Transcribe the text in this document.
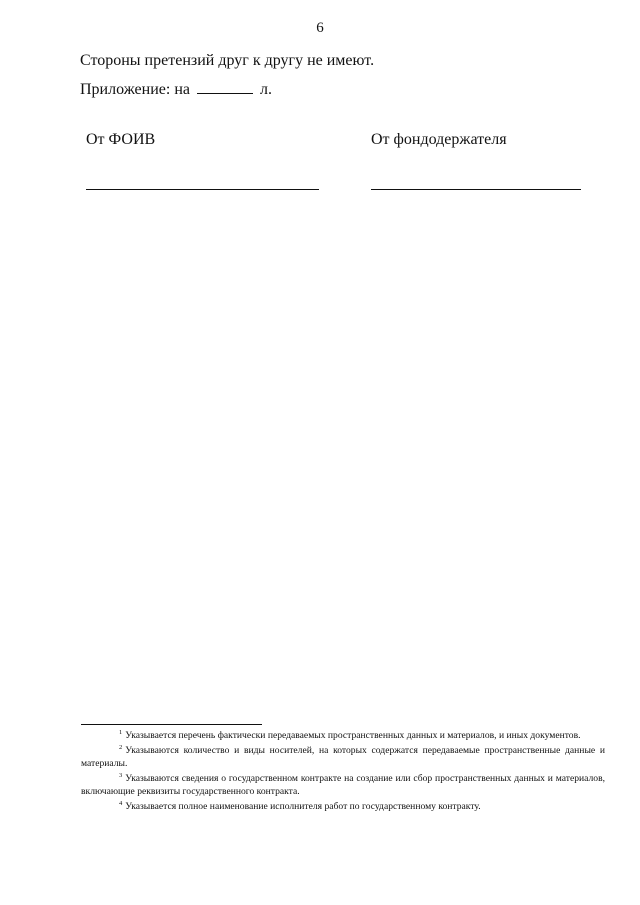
6
Стороны претензий друг к другу не имеют.
Приложение: на	л.
От ФОИВ	От фондодержателя

$^1$ Указывается перечень фактически передаваемых пространственных данных и материалов, и иных документов.

$^2$ Указываются количество и виды носителей, на которых содержатся передаваемые пространственные данные и материалы.

$^3$ Указываются сведения о государственном контракте на создание или сбор пространственных данных и материалов, включающие реквизиты государственного контракта.

$^4$ Указывается полное наименование исполнителя работ по государственному контракту.
